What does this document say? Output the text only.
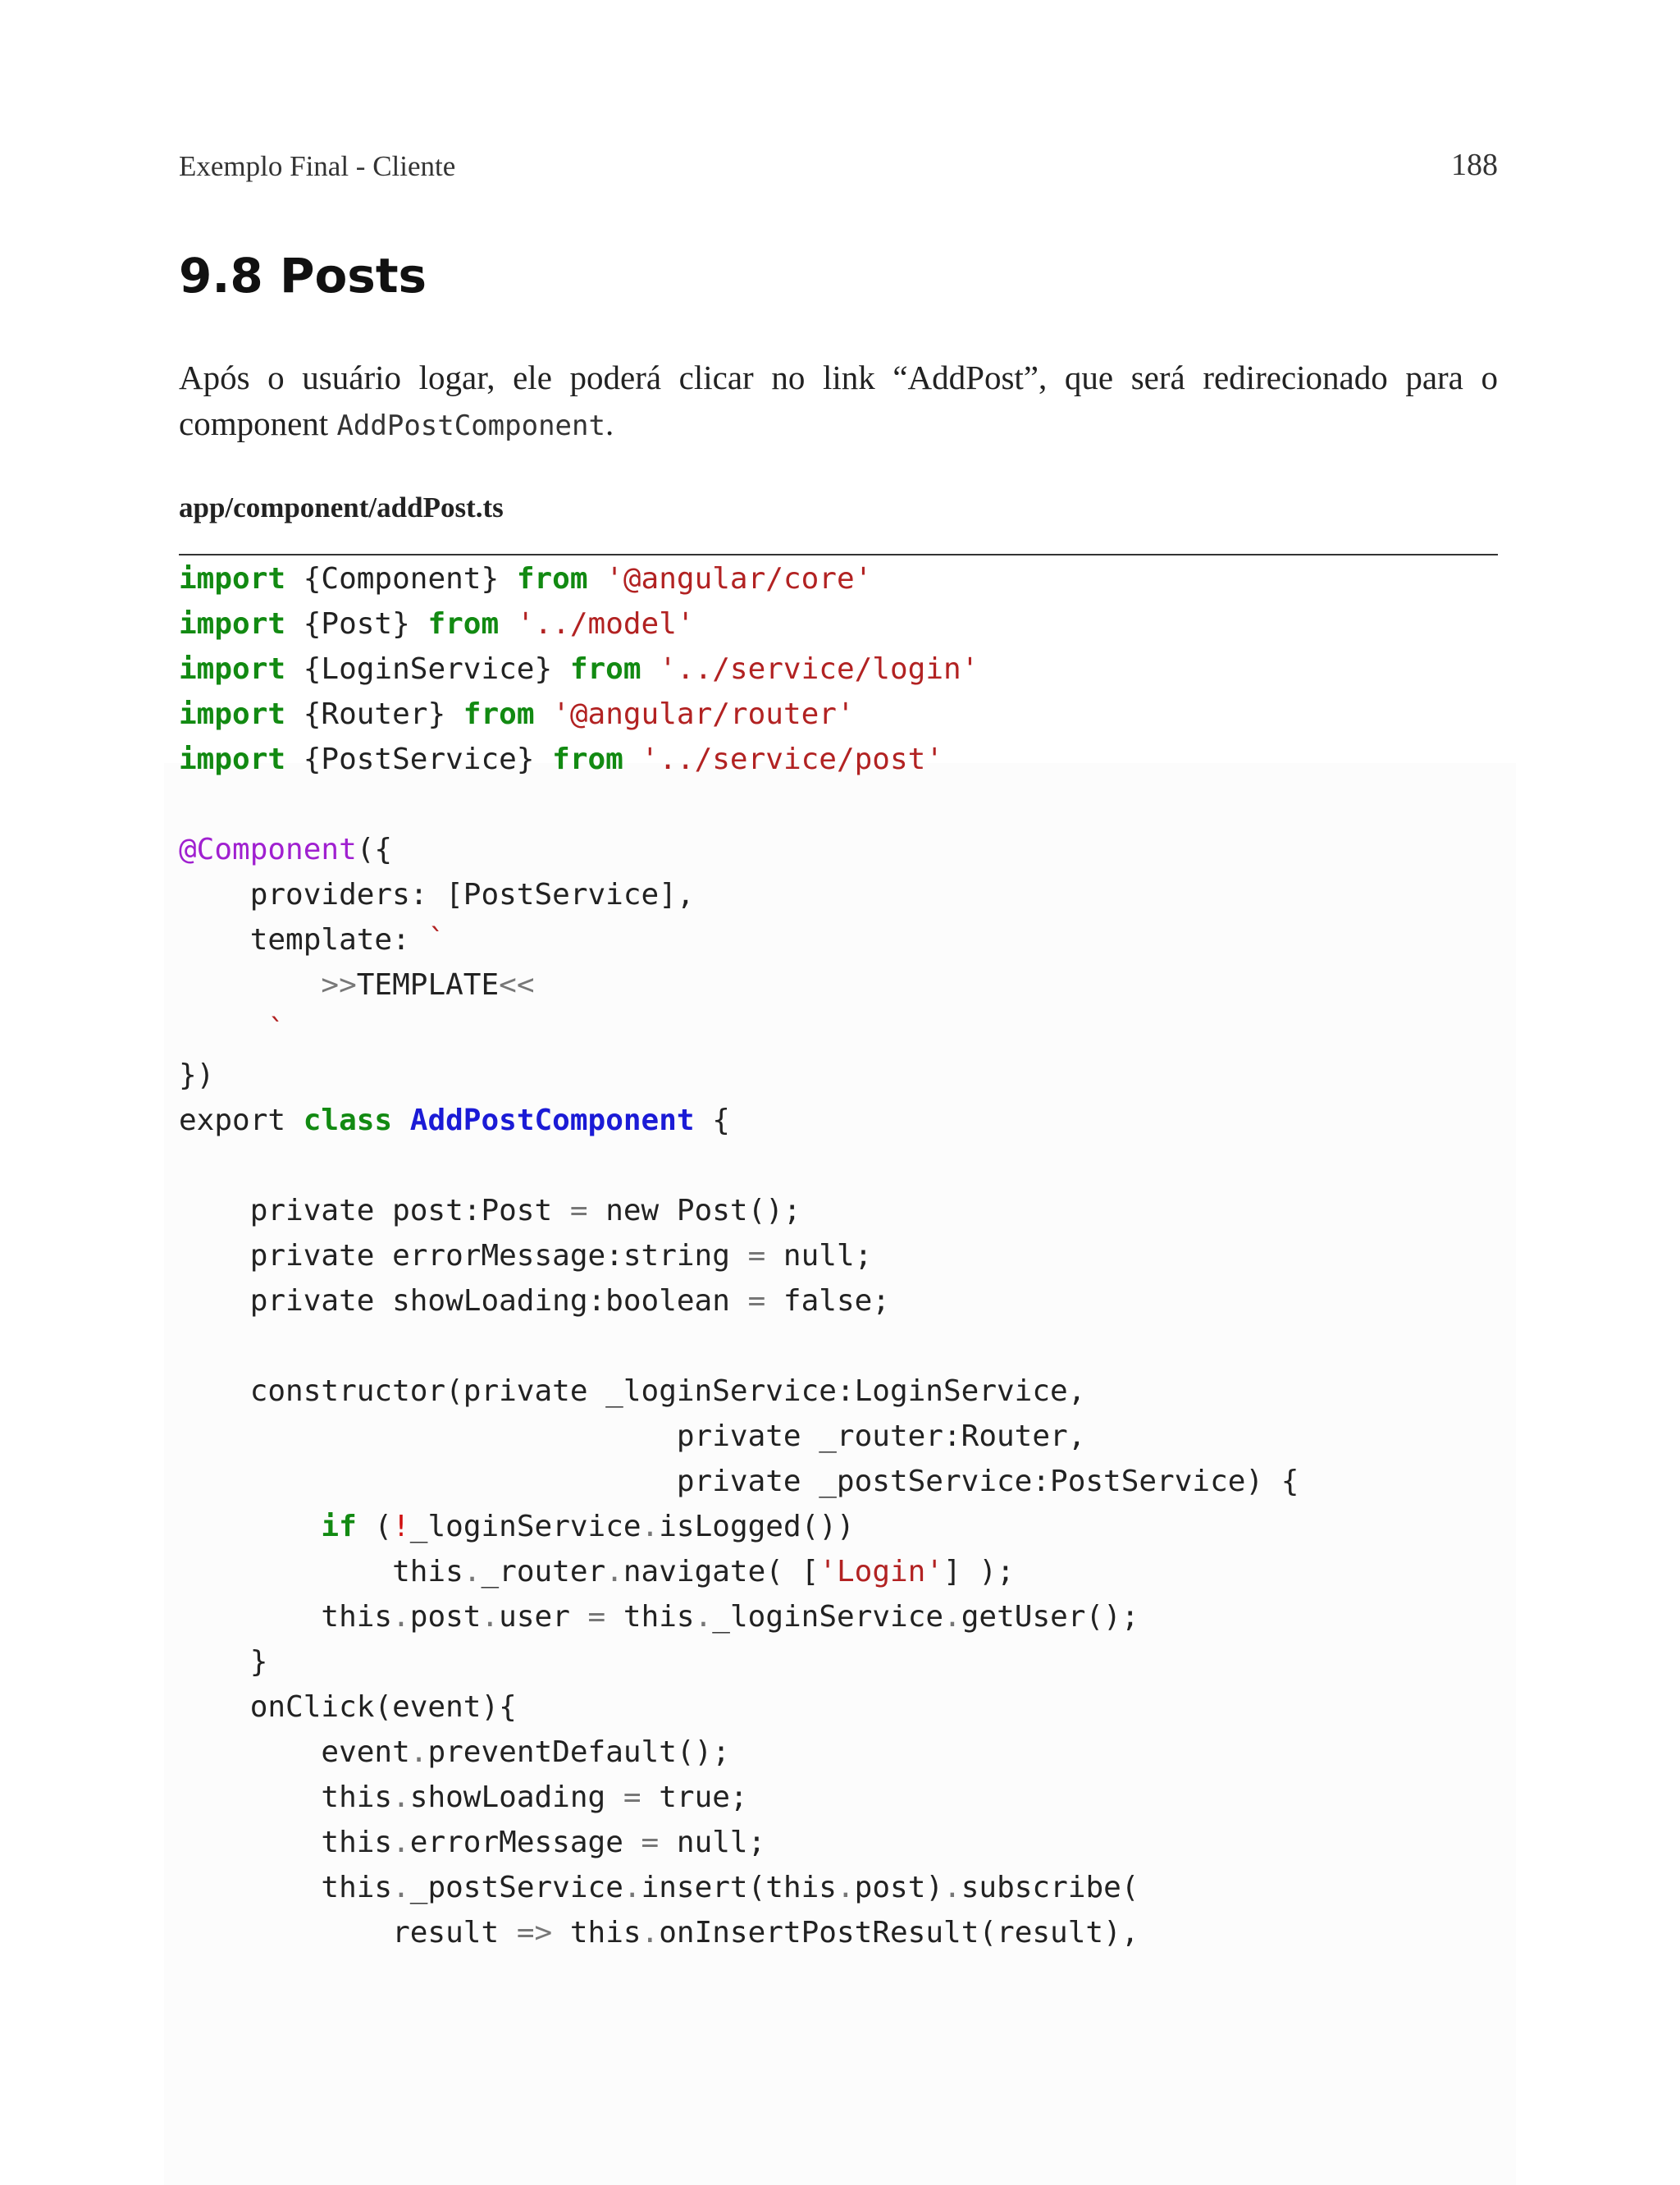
Exemplo Final - Cliente	188
9.8 Posts

Após o usuário logar, ele poderá clicar no link “AddPost”, que será redirecionado para o component AddPostComponent.

app/component/addPost.ts
import {Component} from '@angular/core'
import {Post} from '../model'
import {LoginService} from '../service/login'
import {Router} from '@angular/router'
import {PostService} from '../service/post'
@Component({
providers: [PostService],
template: `
>>TEMPLATE<<
`
})
export class AddPostComponent {
private post:Post = new Post();
private errorMessage:string = null;
private showLoading:boolean = false;
constructor(private _loginService:LoginService,
private _router:Router,
private _postService:PostService) {
if (!_loginService.isLogged())
this._router.navigate( ['Login'] );
this.post.user = this._loginService.getUser();
}
onClick(event){
event.preventDefault();
this.showLoading = true;
this.errorMessage = null;
this._postService.insert(this.post).subscribe(
result => this.onInsertPostResult(result),
